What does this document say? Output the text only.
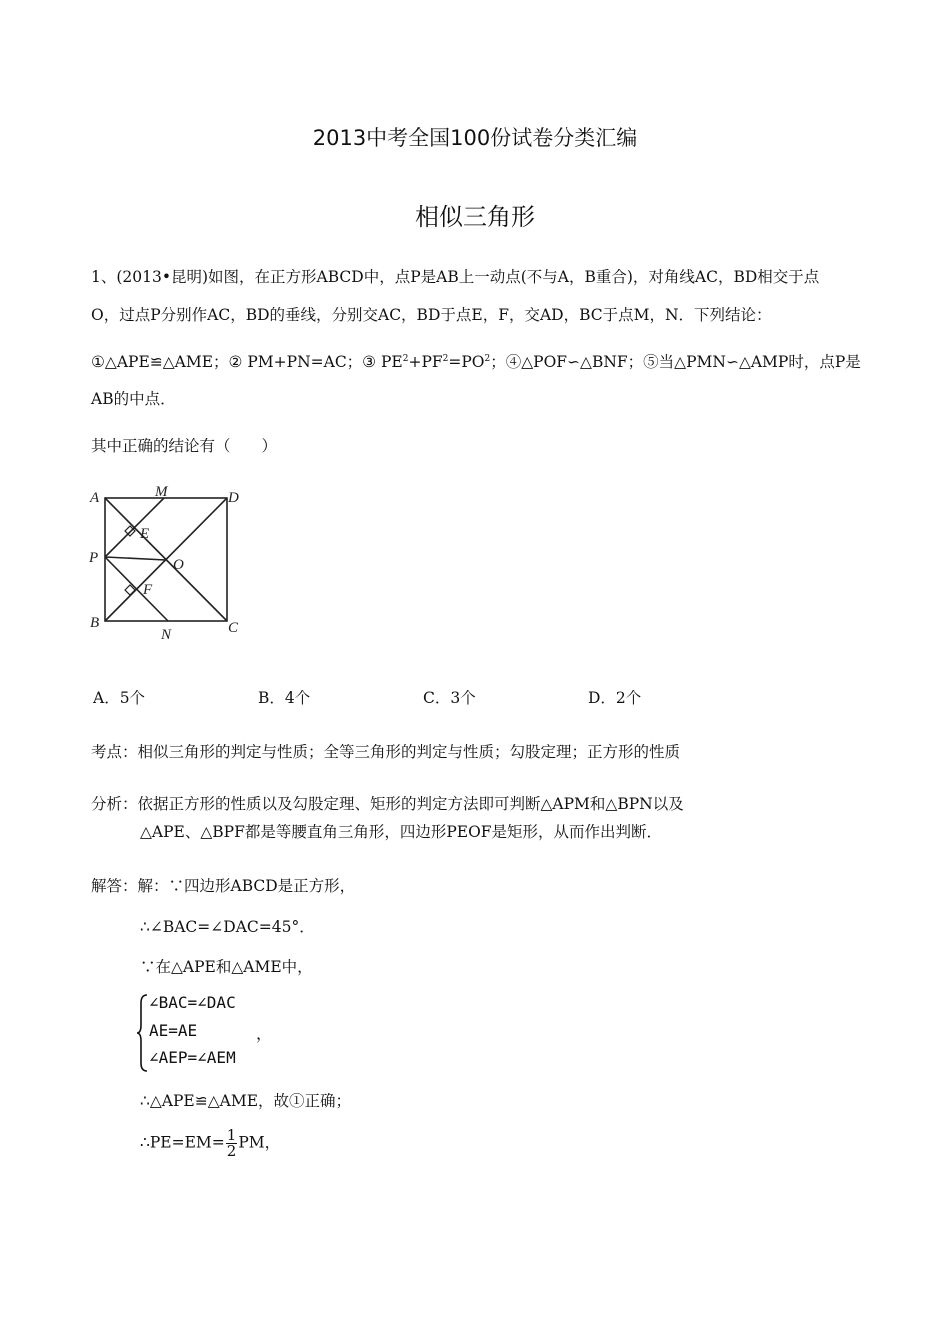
2013中考全国100份试卷分类汇编
相似三角形
1、(2013•昆明)如图，在正方形ABCD中，点P是AB上一动点(不与A，B重合)，对角线AC，BD相交于点
O，过点P分别作AC，BD的垂线，分别交AC，BD于点E，F，交AD，BC于点M，N．下列结论：
①△APE≌△AME；② PM+PN=AC；③ $PE^2+PF^2=PO^2$；④△POF∽△BNF；⑤当△PMN∽△AMP时，点P是
AB的中点．
其中正确的结论有（　　）
A	M	D
E
P	O
F
B
N	C
A．5个	B．4个	C．3个	D．2个
考点：相似三角形的判定与性质；全等三角形的判定与性质；勾股定理；正方形的性质
分析：依据正方形的性质以及勾股定理、矩形的判定方法即可判断△APM和△BPN以及
△APE、△BPF都是等腰直角三角形，四边形PEOF是矩形，从而作出判断．
解答：解：∵四边形ABCD是正方形，
∴∠BAC=∠DAC=45°．
∵在△APE和△AME中，
∠BAC=∠DAC
AE=AE
∠AEP=∠AEM
，
∴△APE≌△AME，故①正确；
∴PE=EM= $\frac{1}{2}$ PM，
